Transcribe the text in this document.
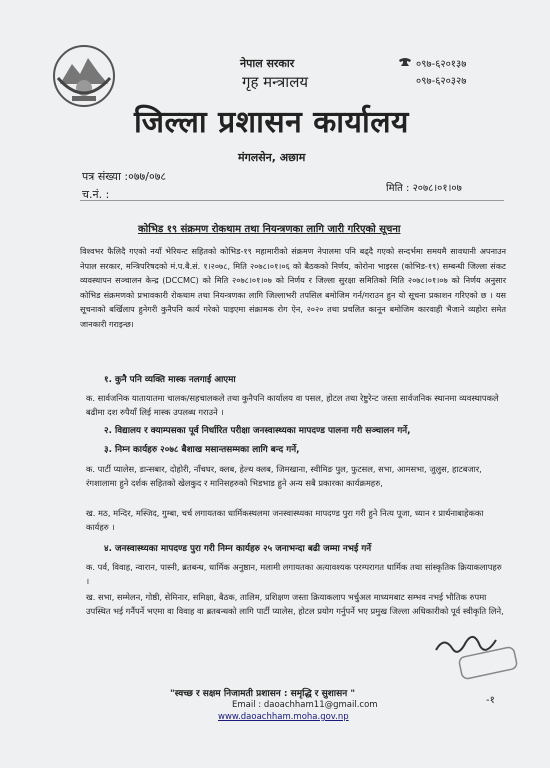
नेपाल सरकार
गृह मन्त्रालय
०९७-६२०१३७
०९७-६२०३२७
जिल्ला प्रशासन कार्यालय
मंगलसेन, अछाम
पत्र संख्या :०७७/०७८
च.नं. :	मिति : २०७८।०१।०७
कोभिड १९ संक्रमण रोकथाम तथा नियन्त्रणका लागि जारी गरिएको सूचना
विश्वभर फैलिदै गएको नयाँ भेरियन्ट सहितको कोभिड-१९ महामारीको संक्रमण नेपालमा पनि बढ्दै गएको सन्दर्भमा समयमै सावधानी अपनाउन नेपाल सरकार, मन्त्रिपरिषदको मं.प.बै.सं. १।२०७८, मिति २०७८।०१।०६ को बैठकको निर्णय, कोरोना भाइरस (कोभिड-१९) सम्बन्धी जिल्ला संकट व्यवस्थापन सञ्चालन केन्द्र (DCCMC) को मिति २०७८।०१।०७ को निर्णय र जिल्ला सुरक्षा समितिको मिति २०७८।०१।०७ को निर्णय अनुसार कोभिड संक्रमणको प्रभावकारी रोकथाम तथा नियन्त्रणका लागि जिल्लाभरी तपसिल बमोजिम गर्न/गराउन हुन यो सूचना प्रकाशन गरिएको छ । यस सूचनाको बर्खिलाप हुनेगरी कुनैपनि कार्य गरेको पाइएमा संक्रामक रोग ऐन, २०२० तथा प्रचलित कानून बमोजिम कारवाही भैजाने व्यहोरा समेत जानकारी गराइन्छ।
१. कुनै पनि व्यक्ति मास्क नलगाई आएमा
क. सार्वजनिक यातायातमा चालक/सहचालकले तथा कुनैपनि कार्यालय वा पसल, होटल तथा रेष्टुरेन्ट जस्ता सार्वजनिक स्थानमा व्यवस्थापकले बढीमा दश रुपैयाँ लिई मास्क उपलब्ध गराउने ।
२. विद्यालय र क्याम्पसका पूर्व निर्धारित परीक्षा जनस्वास्थ्यका मापदण्ड पालना गरी सञ्चालन गर्ने,
३. निम्न कार्यहरु २०७८ बैशाख मसान्तसम्मका लागि बन्द गर्ने,
क. पार्टी प्यालेस, डान्सबार, दोहोरी, नाँचघर, क्लब, हेल्थ क्लब, जिमखाना, स्वीमिङ पुल, फुटसल, सभा, आमसभा, जुलुस, हाटबजार, रंगशालामा हुने दर्शक सहितको खेलकुद र मानिसहरुको भिडभाड हुने अन्य सबै प्रकारका कार्यक्रमहरु,
ख. मठ, मन्दिर, मस्जिद, गुम्बा, चर्च लगायतका धार्मिकस्थलमा जनस्वास्थ्यका मापदण्ड पुरा गरी हुने नित्य पूजा, ध्यान र प्रार्थनाबाहेकका कार्यहरु ।
४. जनस्वास्थ्यका मापदण्ड पुरा गरी निम्न कार्यहरु २५ जनाभन्दा बढी जम्मा नभई गर्ने
क. पर्व, विवाह, न्वारान, पास्नी, ब्रतबन्ध, धार्मिक अनुष्ठान, मलामी लगायतका अत्यावश्यक परम्परागत धार्मिक तथा सांस्कृतिक क्रियाकलापहरु ।
ख. सभा, सम्मेलन, गोष्ठी, सेमिनार, समिक्षा, बैठक, तालिम, प्रशिक्षण जस्ता क्रियाकलाप भर्चुअल माध्यमबाट सम्भव नभई भौतिक रुपमा उपस्थित भई गर्नैपर्ने भएमा वा विवाह वा ब्रतबन्धको लागि पार्टी प्यालेस, होटल प्रयोग गर्नुपर्ने भए प्रमुख जिल्ला अधिकारीको पूर्व स्वीकृति लिने,
"स्वच्छ र सक्षम निजामती प्रशासन : समृद्धि र सुशासन "
Email : daoachham11@gmail.com
www.daoachham.moha.gov.np
-१
